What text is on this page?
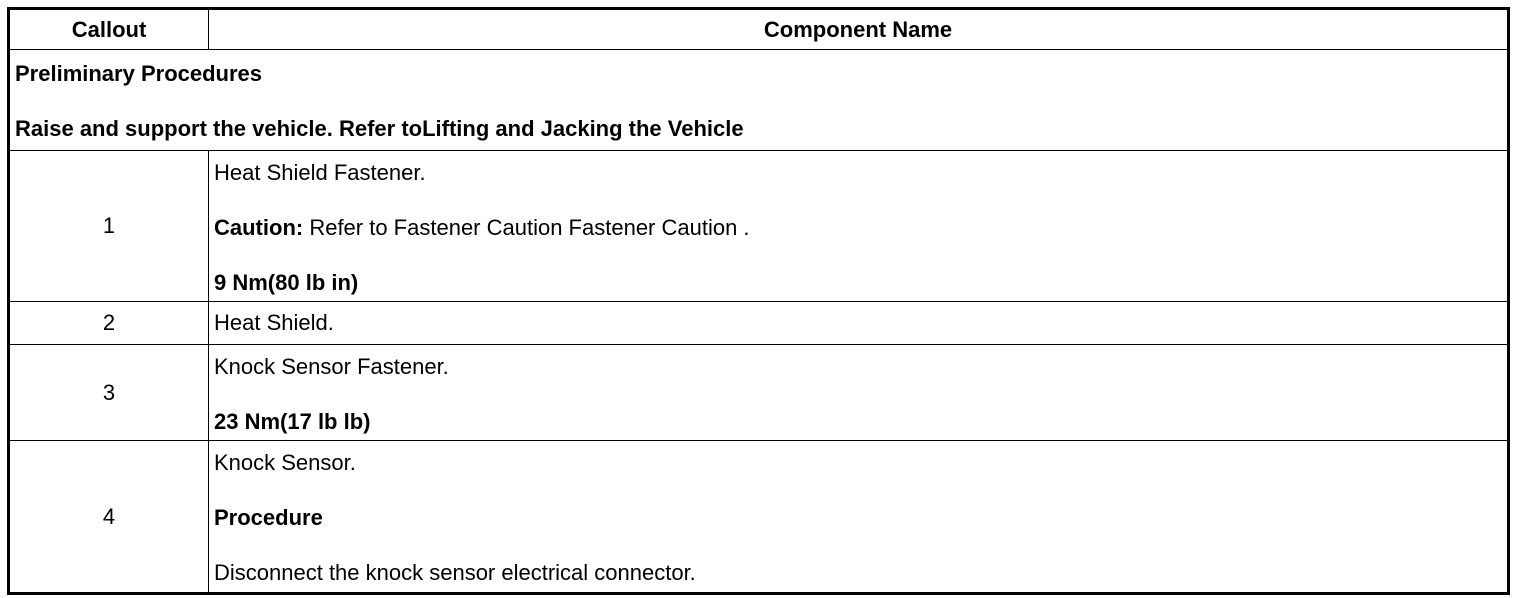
Callout	Component Name

Preliminary Procedures
Raise and support the vehicle. Refer toLifting and Jacking the Vehicle	

1	Heat Shield Fastener.
Caution: Refer to Fastener Caution Fastener Caution .
9 Nm(80 lb in)

2	Heat Shield.

3	Knock Sensor Fastener.
23 Nm(17 lb lb)

4	Knock Sensor.
Procedure
Disconnect the knock sensor electrical connector.
